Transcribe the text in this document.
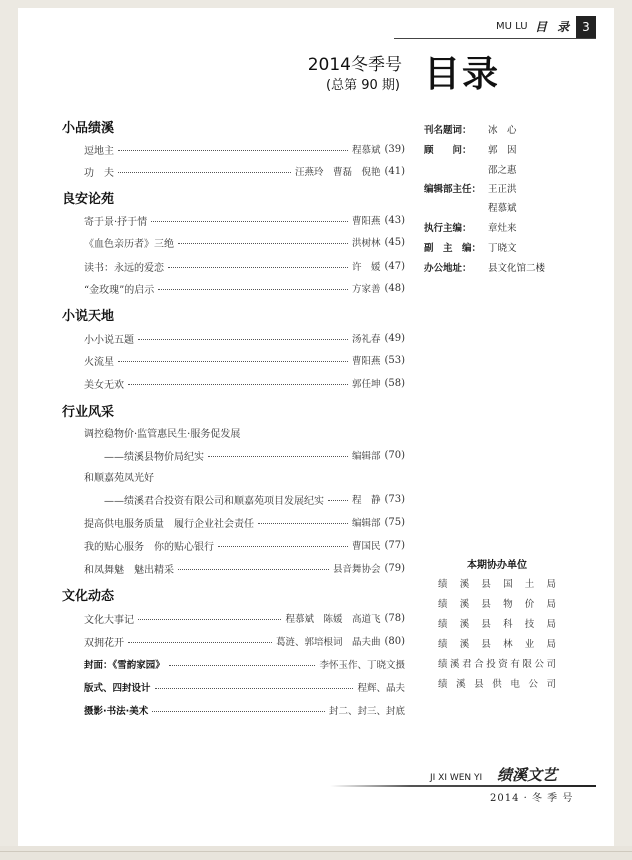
MU LU 目 录 3
2014冬季号
(总第 90 期) 目录
小品绩溪
逗地主	程慕斌 (39)
功　夫	汪燕玲　曹磊　倪艳 (41)
良安论苑
寄于景·抒于情	曹阳燕 (43)
《血色亲历者》三绝	洪树林 (45)
读书：永远的爱恋	许　媛 (47)
“金玫瑰”的启示	方家善 (48)
小说天地
小小说五题	汤礼春 (49)
火流星	曹阳燕 (53)
美女无欢	郭任坤 (58)
行业风采
调控稳物价·监管惠民生·服务促发展
——绩溪县物价局纪实	编辑部 (70)
和顺嘉苑凤光好
——绩溪君合投资有限公司和顺嘉苑项目发展纪实	程　静 (73)
提高供电服务质量　履行企业社会责任	编辑部 (75)
我的贴心服务　你的贴心银行	曹国民 (77)
和凤舞魅　魅出精采	县音舞协会 (79)
文化动态
文化大事记	程慕斌　陈媛　高道飞 (78)
双拥花开	葛涟、郭培根词　晶夫曲 (80)
封面：《雪韵家园》	李怀玉作、丁晓文摄
版式、四封设计	程辉、晶夫
摄影·书法·美术	封二、封三、封底
刊名题词： 冰　心
顾　　问： 郭　因
邵之惠
编辑部主任： 王正洪
程慕斌
执行主编： 章灶来
副　主　编： 丁晓文
办公地址： 县文化馆二楼
本期协办单位
绩溪县国土局
绩溪县物价局
绩溪县科技局
绩溪县林业局
绩溪君合投资有限公司
绩溪县供电公司
JI XI WEN YI 绩溪文艺
2014 · 冬 季 号
